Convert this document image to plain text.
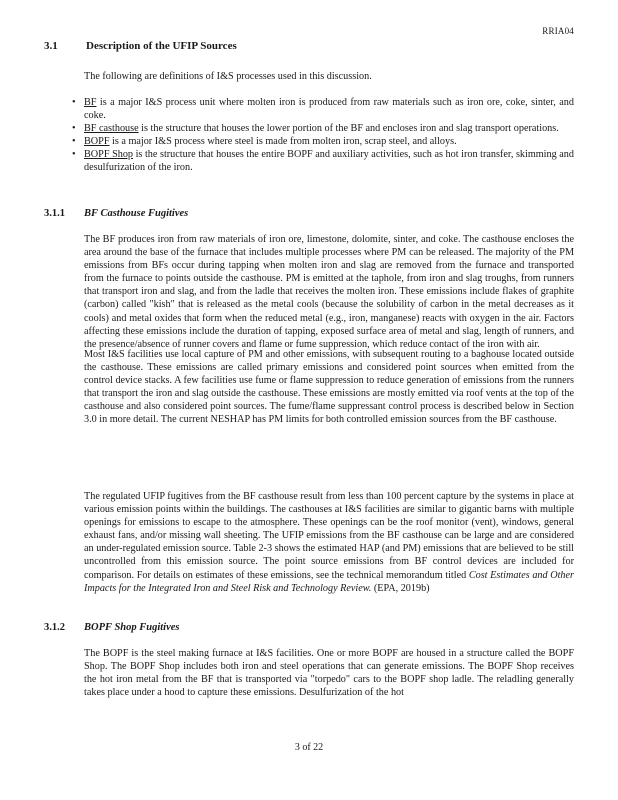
RRIA04
3.1	Description of the UFIP Sources
The following are definitions of I&S processes used in this discussion.
• BF is a major I&S process unit where molten iron is produced from raw materials such as iron ore, coke, sinter, and coke.
• BF casthouse is the structure that houses the lower portion of the BF and encloses iron and slag transport operations.
• BOPF is a major I&S process where steel is made from molten iron, scrap steel, and alloys.
• BOPF Shop is the structure that houses the entire BOPF and auxiliary activities, such as hot iron transfer, skimming and desulfurization of the iron.
3.1.1 BF Casthouse Fugitives
The BF produces iron from raw materials of iron ore, limestone, dolomite, sinter, and coke. The casthouse encloses the area around the base of the furnace that includes multiple processes where PM can be released. The majority of the PM emissions from BFs occur during tapping when molten iron and slag are removed from the furnace and transported from the furnace to points outside the casthouse. PM is emitted at the taphole, from iron and slag troughs, from runners that transport iron and slag, and from the ladle that receives the molten iron. These emissions include flakes of graphite (carbon) called "kish" that is released as the metal cools (because the solubility of carbon in the metal decreases as it cools) and metal oxides that form when the reduced metal (e.g., iron, manganese) reacts with oxygen in the air. Factors affecting these emissions include the duration of tapping, exposed surface area of metal and slag, length of runners, and the presence/absence of runner covers and flame or fume suppression, which reduce contact of the iron with air.
Most I&S facilities use local capture of PM and other emissions, with subsequent routing to a baghouse located outside the casthouse. These emissions are called primary emissions and considered point sources when emitted from the control device stacks. A few facilities use fume or flame suppression to reduce generation of emissions from the runners that transport the iron and slag outside the casthouse. These emissions are mostly emitted via roof vents at the top of the casthouse and also considered point sources. The fume/flame suppressant control process is described below in Section 3.0 in more detail. The current NESHAP has PM limits for both controlled emission sources from the BF casthouse.
The regulated UFIP fugitives from the BF casthouse result from less than 100 percent capture by the systems in place at various emission points within the buildings. The casthouses at I&S facilities are similar to gigantic barns with multiple openings for emissions to escape to the atmosphere. These openings can be the roof monitor (vent), windows, general exhaust fans, and/or missing wall sheeting. The UFIP emissions from the BF casthouse can be large and are considered an under-regulated emission source. Table 2-3 shows the estimated HAP (and PM) emissions that are believed to be still uncontrolled from this emission source. The point source emissions from BF control devices are included for comparison. For details on estimates of these emissions, see the technical memorandum titled Cost Estimates and Other Impacts for the Integrated Iron and Steel Risk and Technology Review. (EPA, 2019b)
3.1.2 BOPF Shop Fugitives
The BOPF is the steel making furnace at I&S facilities. One or more BOPF are housed in a structure called the BOPF Shop. The BOPF Shop includes both iron and steel operations that can generate emissions. The BOPF Shop receives the hot iron metal from the BF that is transported via "torpedo" cars to the BOPF shop ladle. The reladling generally takes place under a hood to capture these emissions. Desulfurization of the hot
3 of 22
